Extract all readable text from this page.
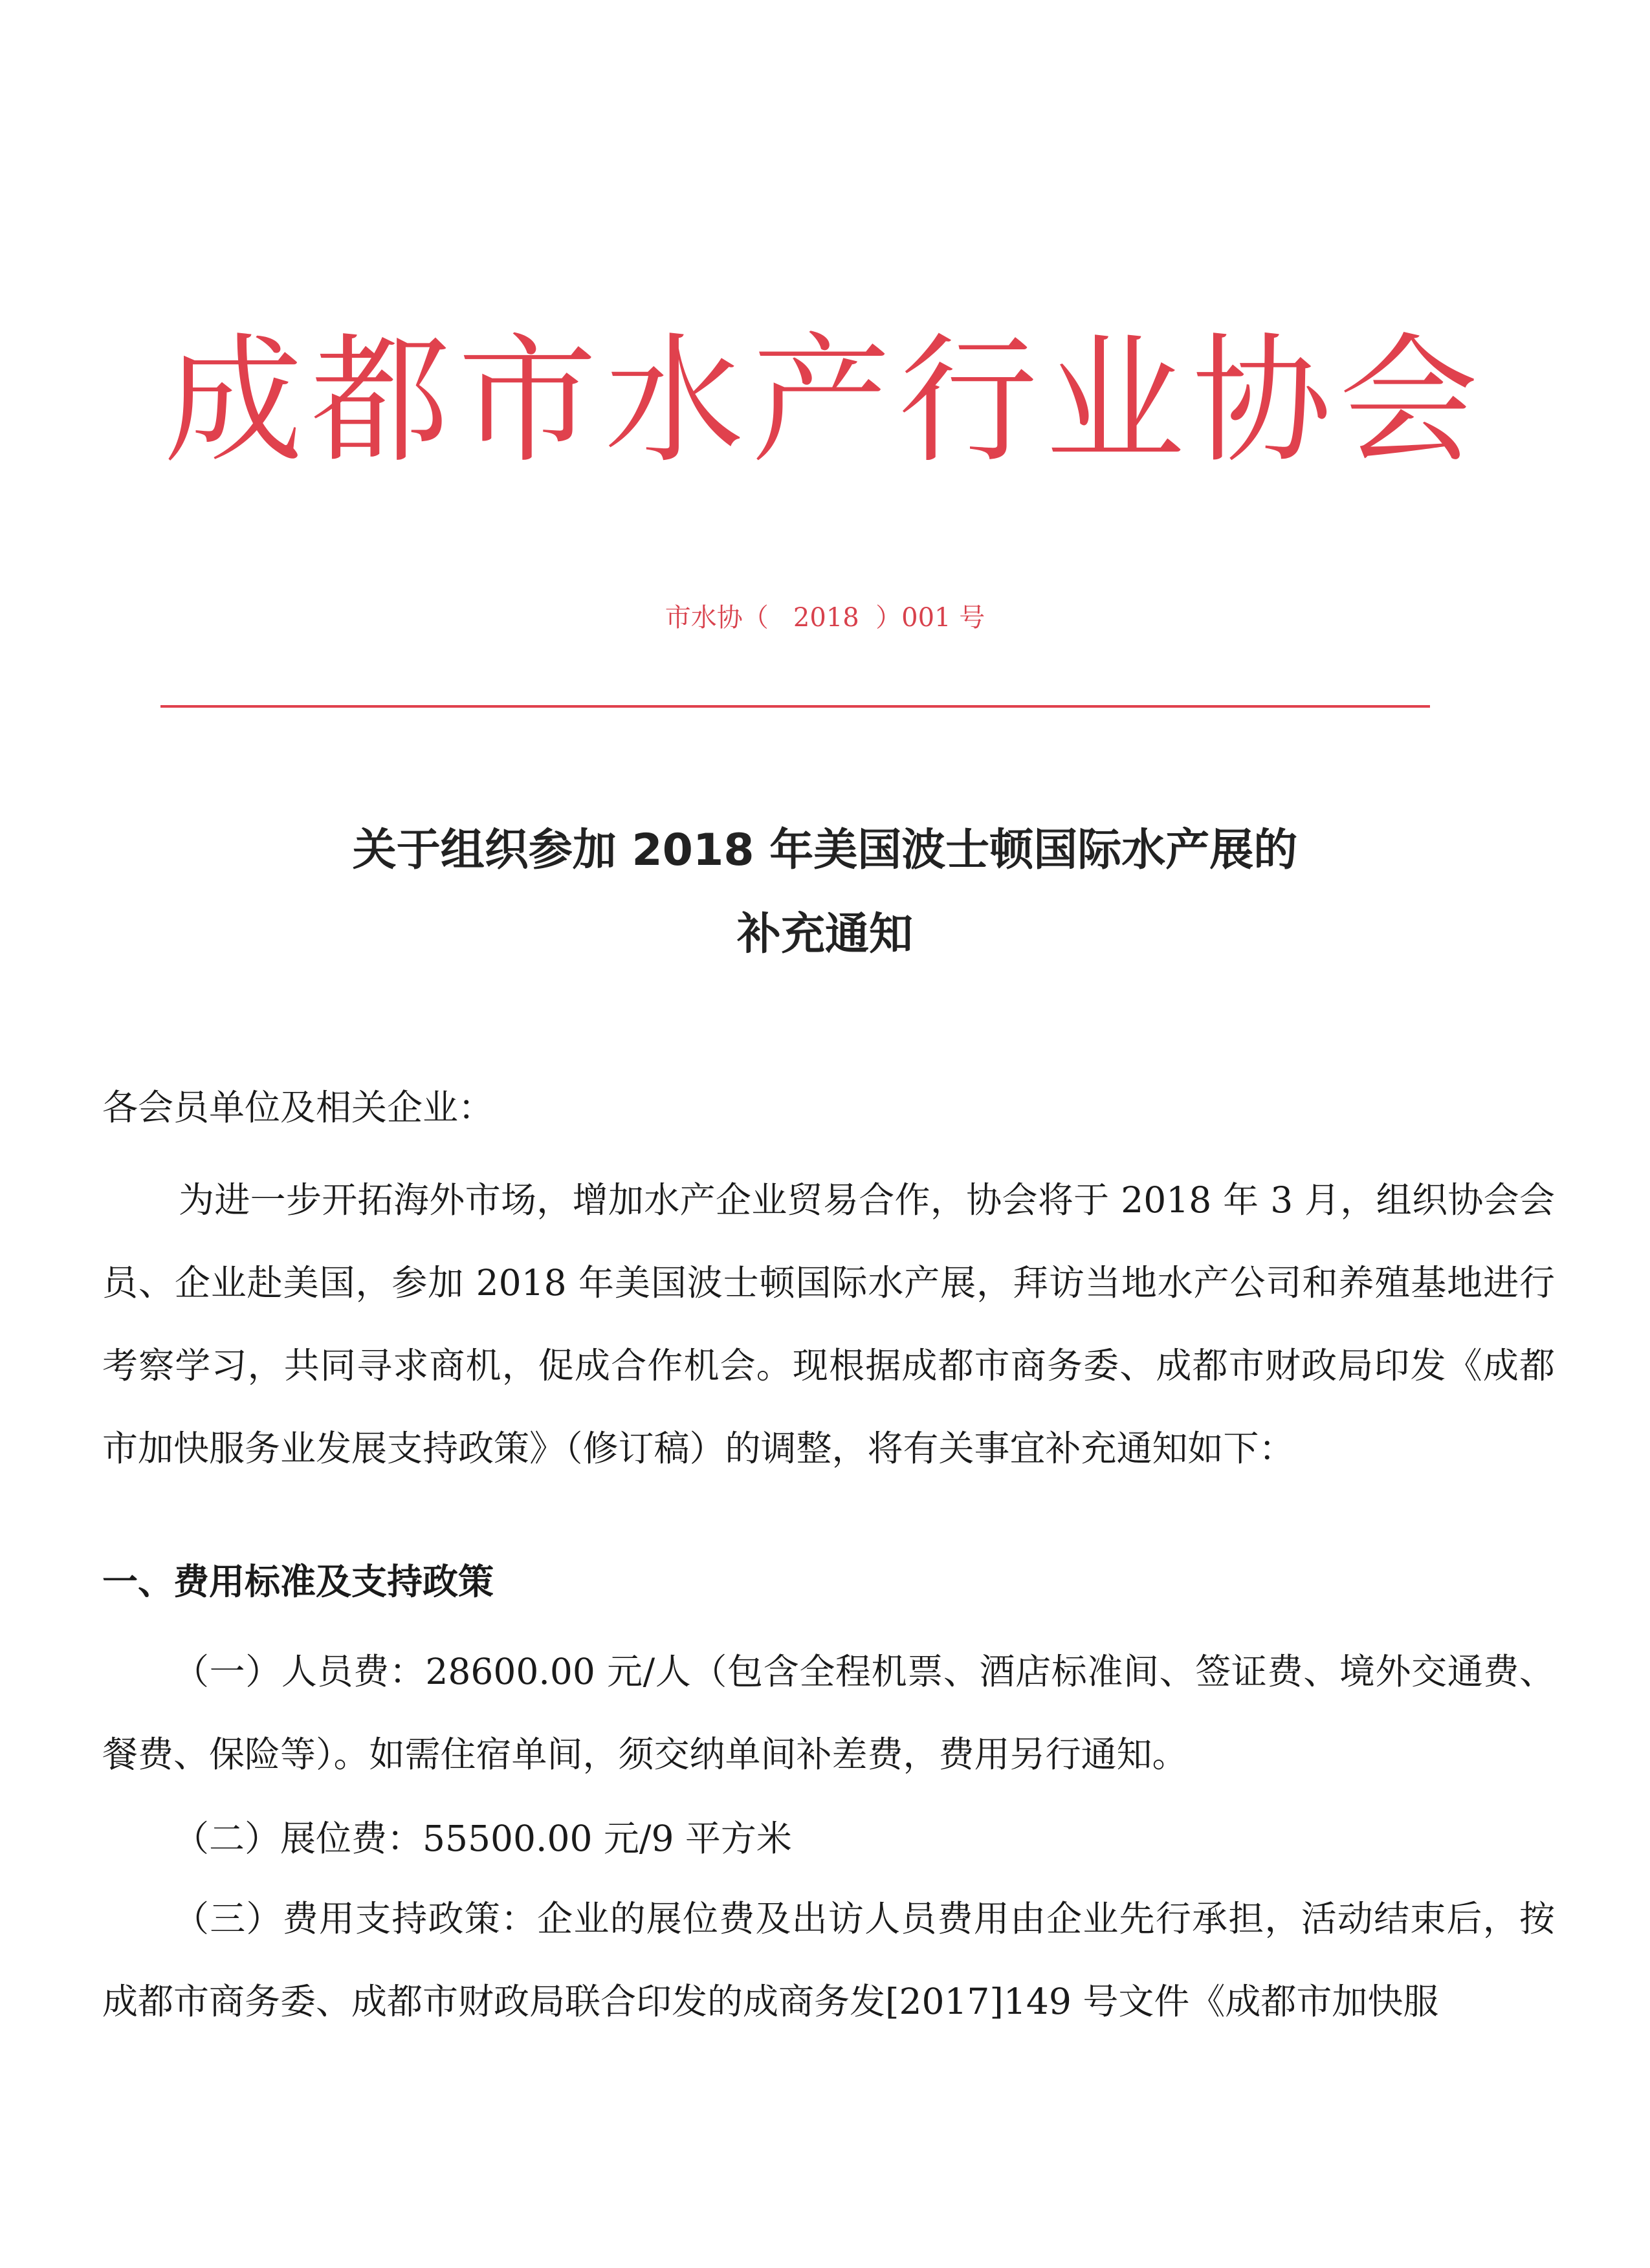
成都市水产行业协会
市水协（   2018  ）001 号
关于组织参加 2018 年美国波士顿国际水产展的
补充通知
各会员单位及相关企业：
为进一步开拓海外市场，增加水产企业贸易合作，协会将于 2018 年 3 月，组织协会会员、企业赴美国，参加 2018 年美国波士顿国际水产展，拜访当地水产公司和养殖基地进行考察学习，共同寻求商机，促成合作机会。现根据成都市商务委、成都市财政局印发《成都市加快服务业发展支持政策》（修订稿）的调整，将有关事宜补充通知如下：
一、费用标准及支持政策
（一）人员费：28600.00 元/人（包含全程机票、酒店标准间、签证费、境外交通费、餐费、保险等）。如需住宿单间，须交纳单间补差费，费用另行通知。
（二）展位费：55500.00 元/9 平方米
（三）费用支持政策：企业的展位费及出访人员费用由企业先行承担，活动结束后，按成都市商务委、成都市财政局联合印发的成商务发[2017]149 号文件《成都市加快服
